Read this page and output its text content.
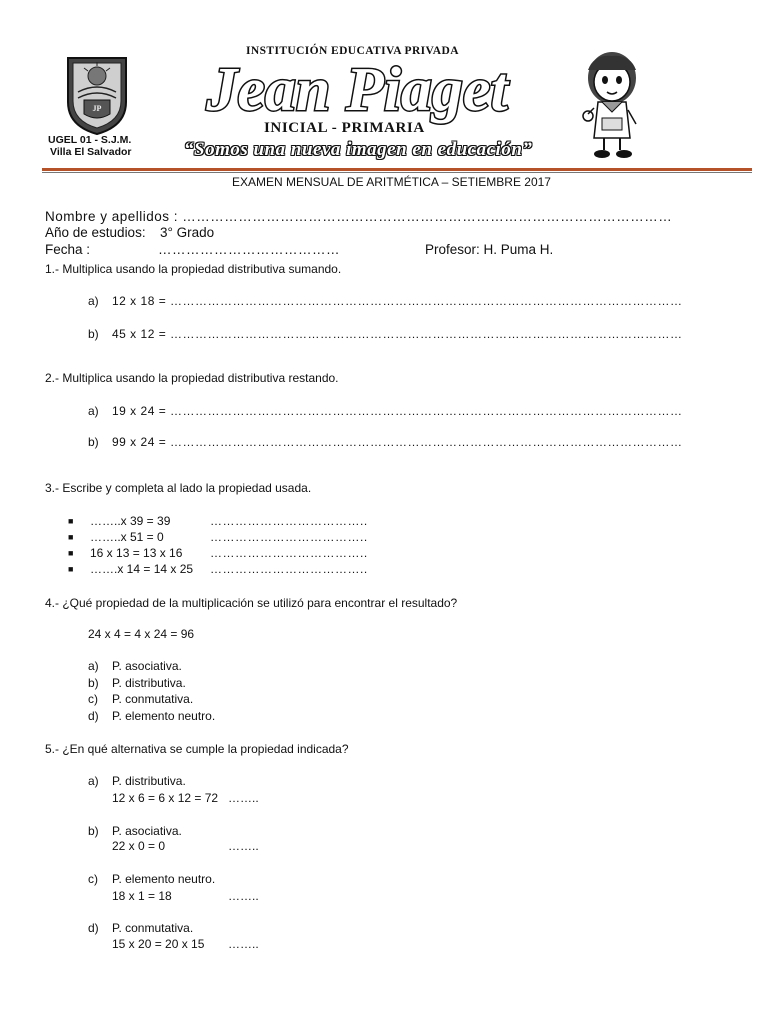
JP
UGEL 01 - S.J.M.
Villa El Salvador
INSTITUCIÓN EDUCATIVA PRIVADA
Jean Piaget
INICIAL - PRIMARIA
“Somos una nueva imagen en educación”
EXAMEN MENSUAL DE ARITMÉTICA – SETIEMBRE 2017
Nombre y apellidos : ……………………………………………………………………………………………
Año de estudios: 3° Grado
Fecha :	…………………………………	Profesor: H. Puma H.
1.- Multiplica usando la propiedad distributiva sumando.
a) 12 x 18 = ……………………………………………………………………………………………………………
b) 45 x 12 = ……………………………………………………………………………………………………………
2.- Multiplica usando la propiedad distributiva restando.
a) 19 x 24 = ……………………………………………………………………………………………………………
b) 99 x 24 = ……………………………………………………………………………………………………………
3.- Escribe y completa al lado la propiedad usada.
■ ……..x 39 = 39	………………………………..
■ ……..x 51 = 0	………………………………..
■ 16 x 13 = 13 x 16 ………………………………..
■ …….x 14 = 14 x 25 ………………………………..
4.- ¿Qué propiedad de la multiplicación se utilizó para encontrar el resultado?
24 x 4 = 4 x 24 = 96
a) P. asociativa.
b) P. distributiva.
c) P. conmutativa.
d) P. elemento neutro.
5.- ¿En qué alternativa se cumple la propiedad indicada?
a) P. distributiva.
12 x 6 = 6 x 12 = 72 ……..
b) P. asociativa.
22 x 0 = 0	……..
c) P. elemento neutro.
18 x 1 = 18	……..
d) P. conmutativa.
15 x 20 = 20 x 15 ……..
